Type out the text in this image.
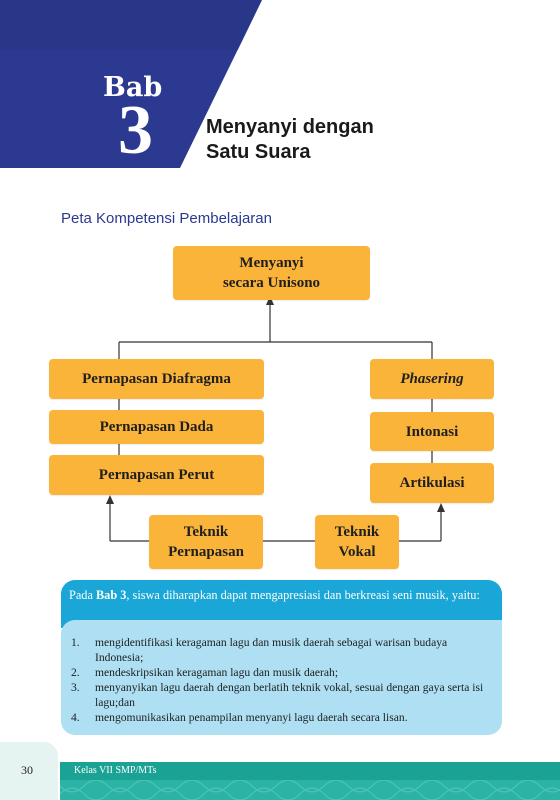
Bab
3	Menyanyi dengan
Satu Suara
Peta Kompetensi Pembelajaran
Menyanyi
secara Unisono
Pernapasan Diafragma
Pernapasan Dada
Pernapasan Perut
Phasering
Intonasi
Artikulasi
Teknik
Pernapasan
Teknik
Vokal

Pada Bab 3, siswa diharapkan dapat mengapresiasi dan berkreasi seni musik, yaitu:

1.	mengidentifikasi keragaman lagu dan musik daerah sebagai warisan budaya Indonesia;
2.	mendeskripsikan keragaman lagu dan musik daerah;
3.	menyanyikan lagu daerah dengan berlatih teknik vokal, sesuai dengan gaya serta isi lagu;dan
4.	mengomunikasikan penampilan menyanyi lagu daerah secara lisan.
30	Kelas VII SMP/MTs
